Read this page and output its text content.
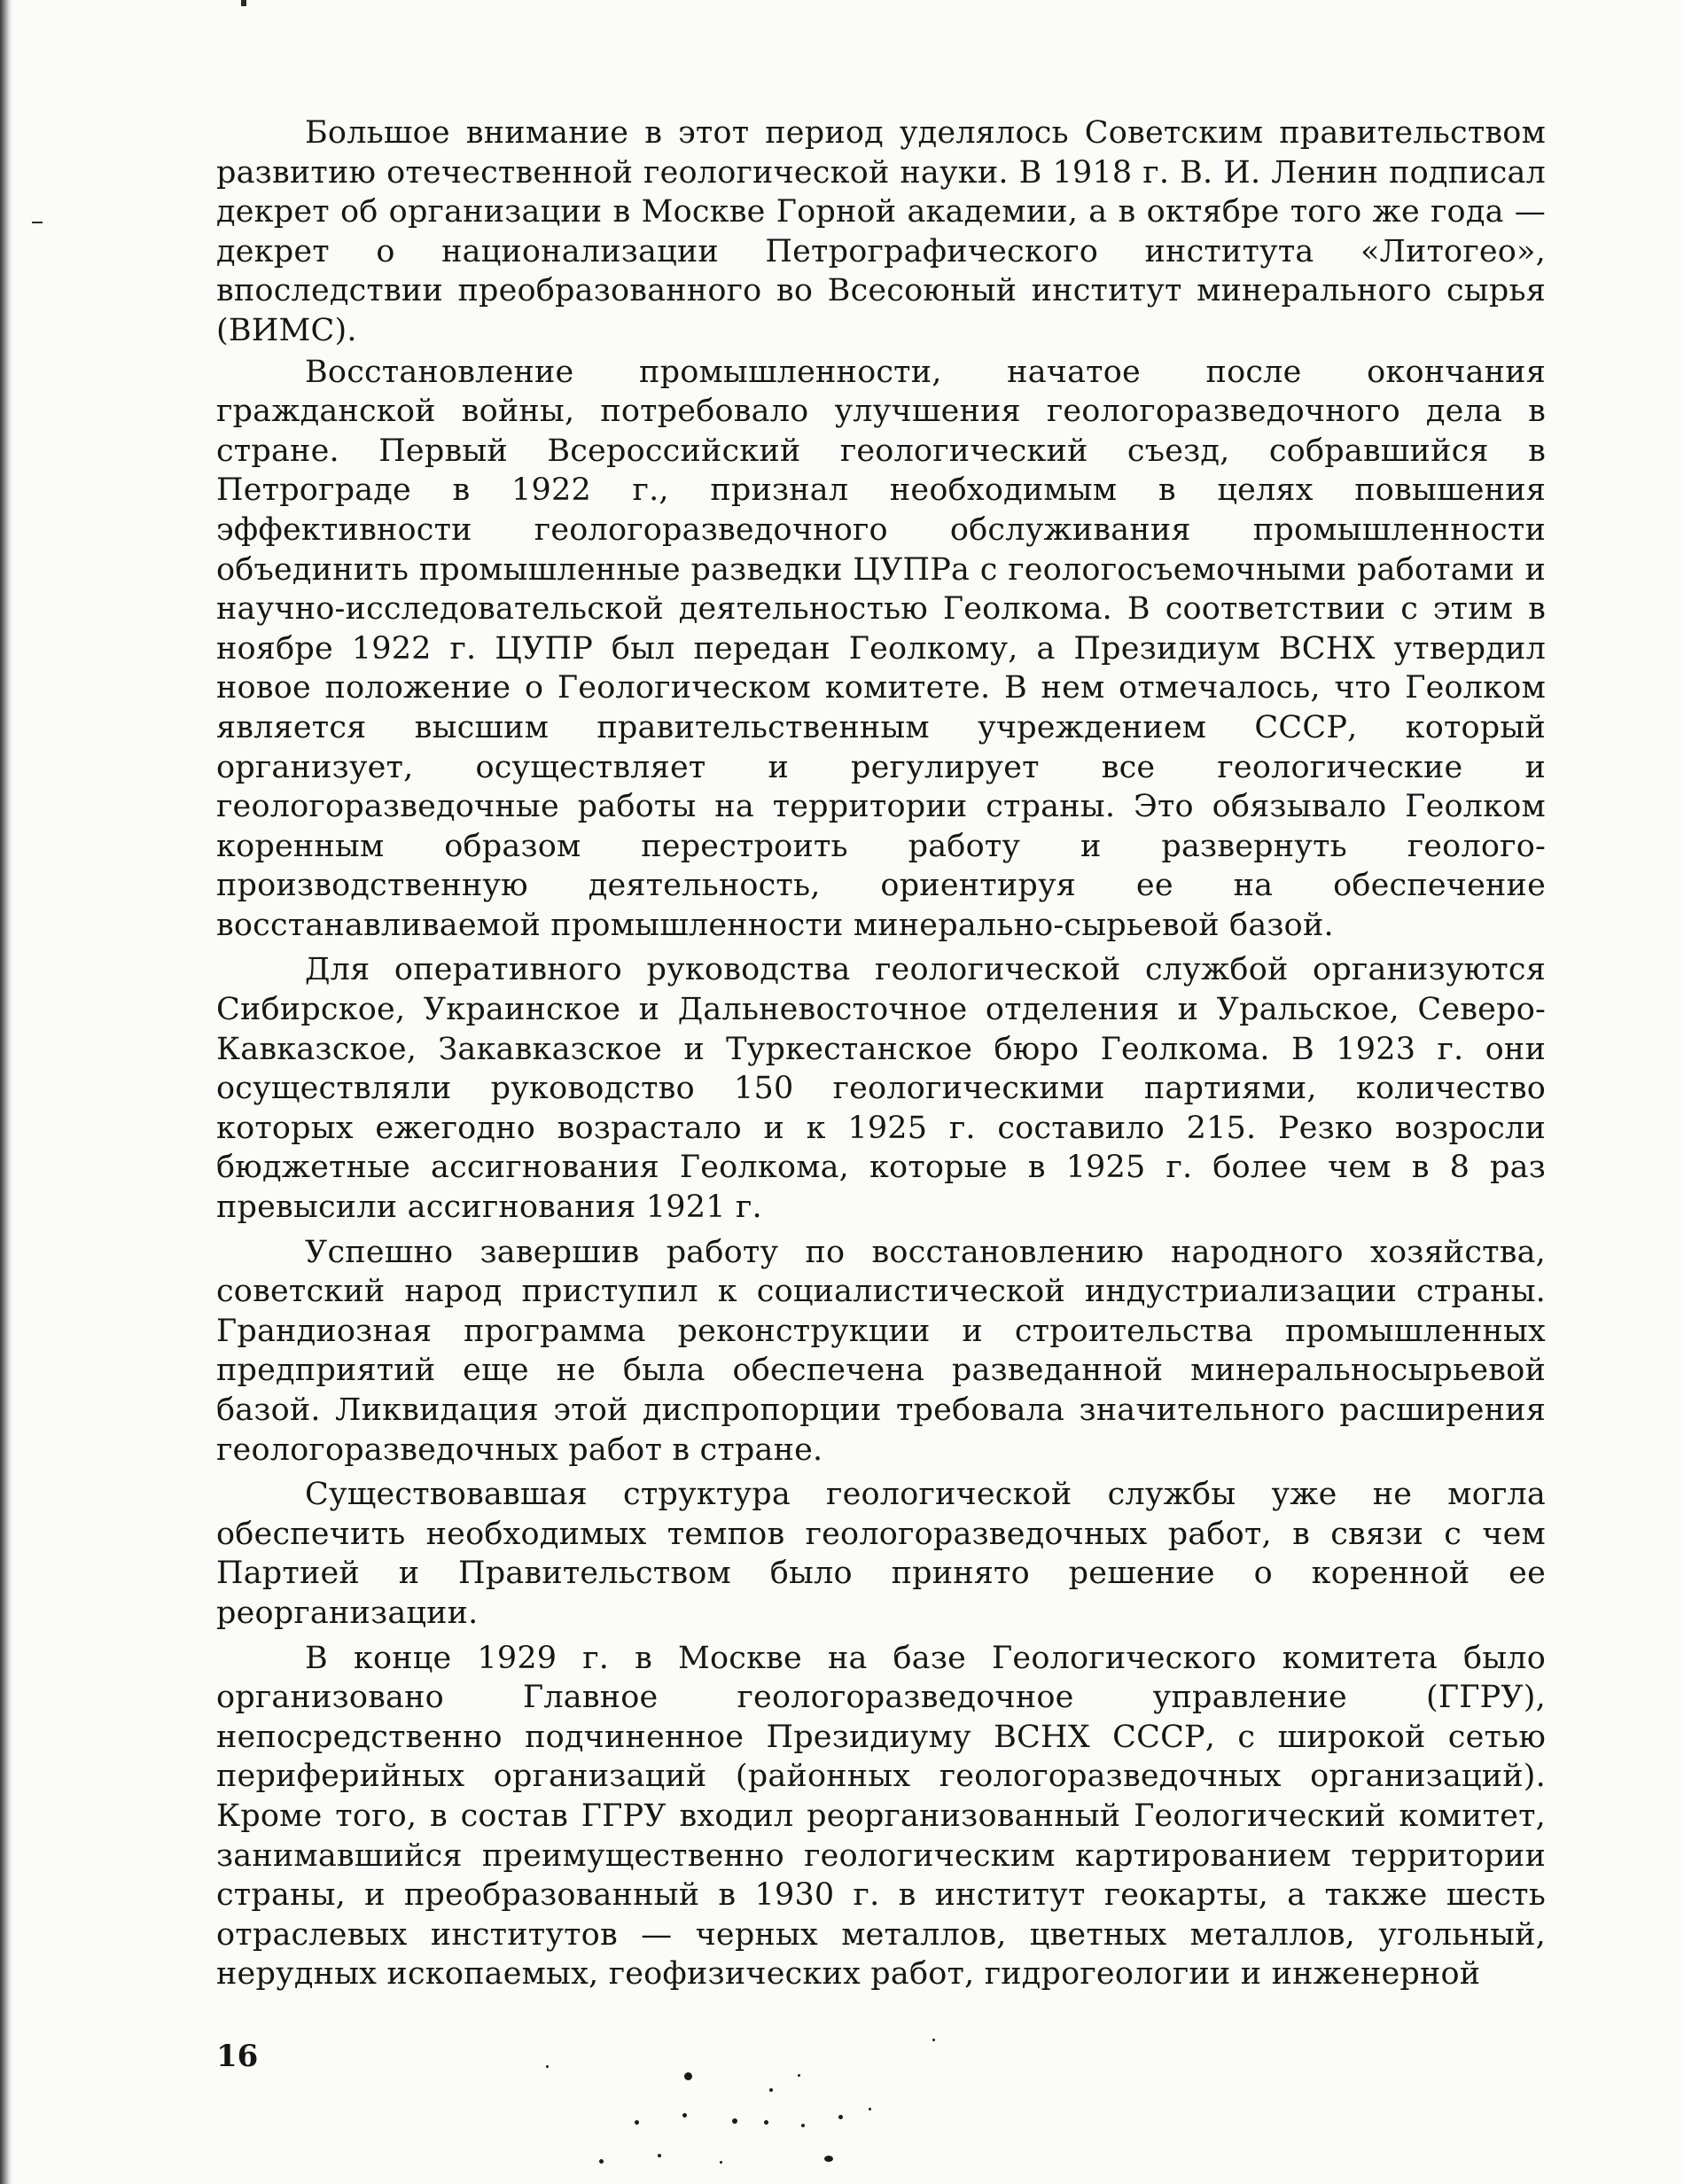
Большое внимание в этот период уделялось Советским правительством развитию отечественной геологической науки. В 1918 г. В. И. Ленин подписал декрет об организации в Москве Горной академии, а в октябре того же года — декрет о национализации Петрографического института «Литогео», впоследствии преобразованного во Всесоюный институт минерального сырья (ВИМС).

Восстановление промышленности, начатое после окончания гражданской войны, потребовало улучшения геологоразведочного дела в стране. Первый Всероссийский геологический съезд, собравшийся в Петрограде в 1922 г., признал необходимым в целях повышения эффективности геологоразведочного обслуживания промышленности объединить промышленные разведки ЦУПРа с геологосъемочными работами и научно-исследовательской деятельностью Геолкома. В соответствии с этим в ноябре 1922 г. ЦУПР был передан Геолкому, а Президиум ВСНХ утвердил новое положение о Геологическом комитете. В нем отмечалось, что Геолком является высшим правительственным учреждением СССР, который организует, осуществляет и регулирует все геологические и геологоразведочные работы на территории страны. Это обязывало Геолком коренным образом перестроить работу и развернуть геолого-производственную деятельность, ориентируя ее на обеспечение восстанавливаемой промышленности минерально-сырьевой базой.

Для оперативного руководства геологической службой организуются Сибирское, Украинское и Дальневосточное отделения и Уральское, Северо-Кавказское, Закавказское и Туркестанское бюро Геолкома. В 1923 г. они осуществляли руководство 150 геологическими партиями, количество которых ежегодно возрастало и к 1925 г. составило 215. Резко возросли бюджетные ассигнования Геолкома, которые в 1925 г. более чем в 8 раз превысили ассигнования 1921 г.

Успешно завершив работу по восстановлению народного хозяйства, советский народ приступил к социалистической индустриализации страны. Грандиозная программа реконструкции и строительства промышленных предприятий еще не была обеспечена разведанной минеральносырьевой базой. Ликвидация этой диспропорции требовала значительного расширения геологоразведочных работ в стране.

Существовавшая структура геологической службы уже не могла обеспечить необходимых темпов геологоразведочных работ, в связи с чем Партией и Правительством было принято решение о коренной ее реорганизации.

В конце 1929 г. в Москве на базе Геологического комитета было организовано Главное геологоразведочное управление (ГГРУ), непосредственно подчиненное Президиуму ВСНХ СССР, с широкой сетью периферийных организаций (районных геологоразведочных организаций). Кроме того, в состав ГГРУ входил реорганизованный Геологический комитет, занимавшийся преимущественно геологическим картированием территории страны, и преобразованный в 1930 г. в институт геокарты, а также шесть отраслевых институтов — черных металлов, цветных металлов, угольный, нерудных ископаемых, геофизических работ, гидрогеологии и инженерной

16
